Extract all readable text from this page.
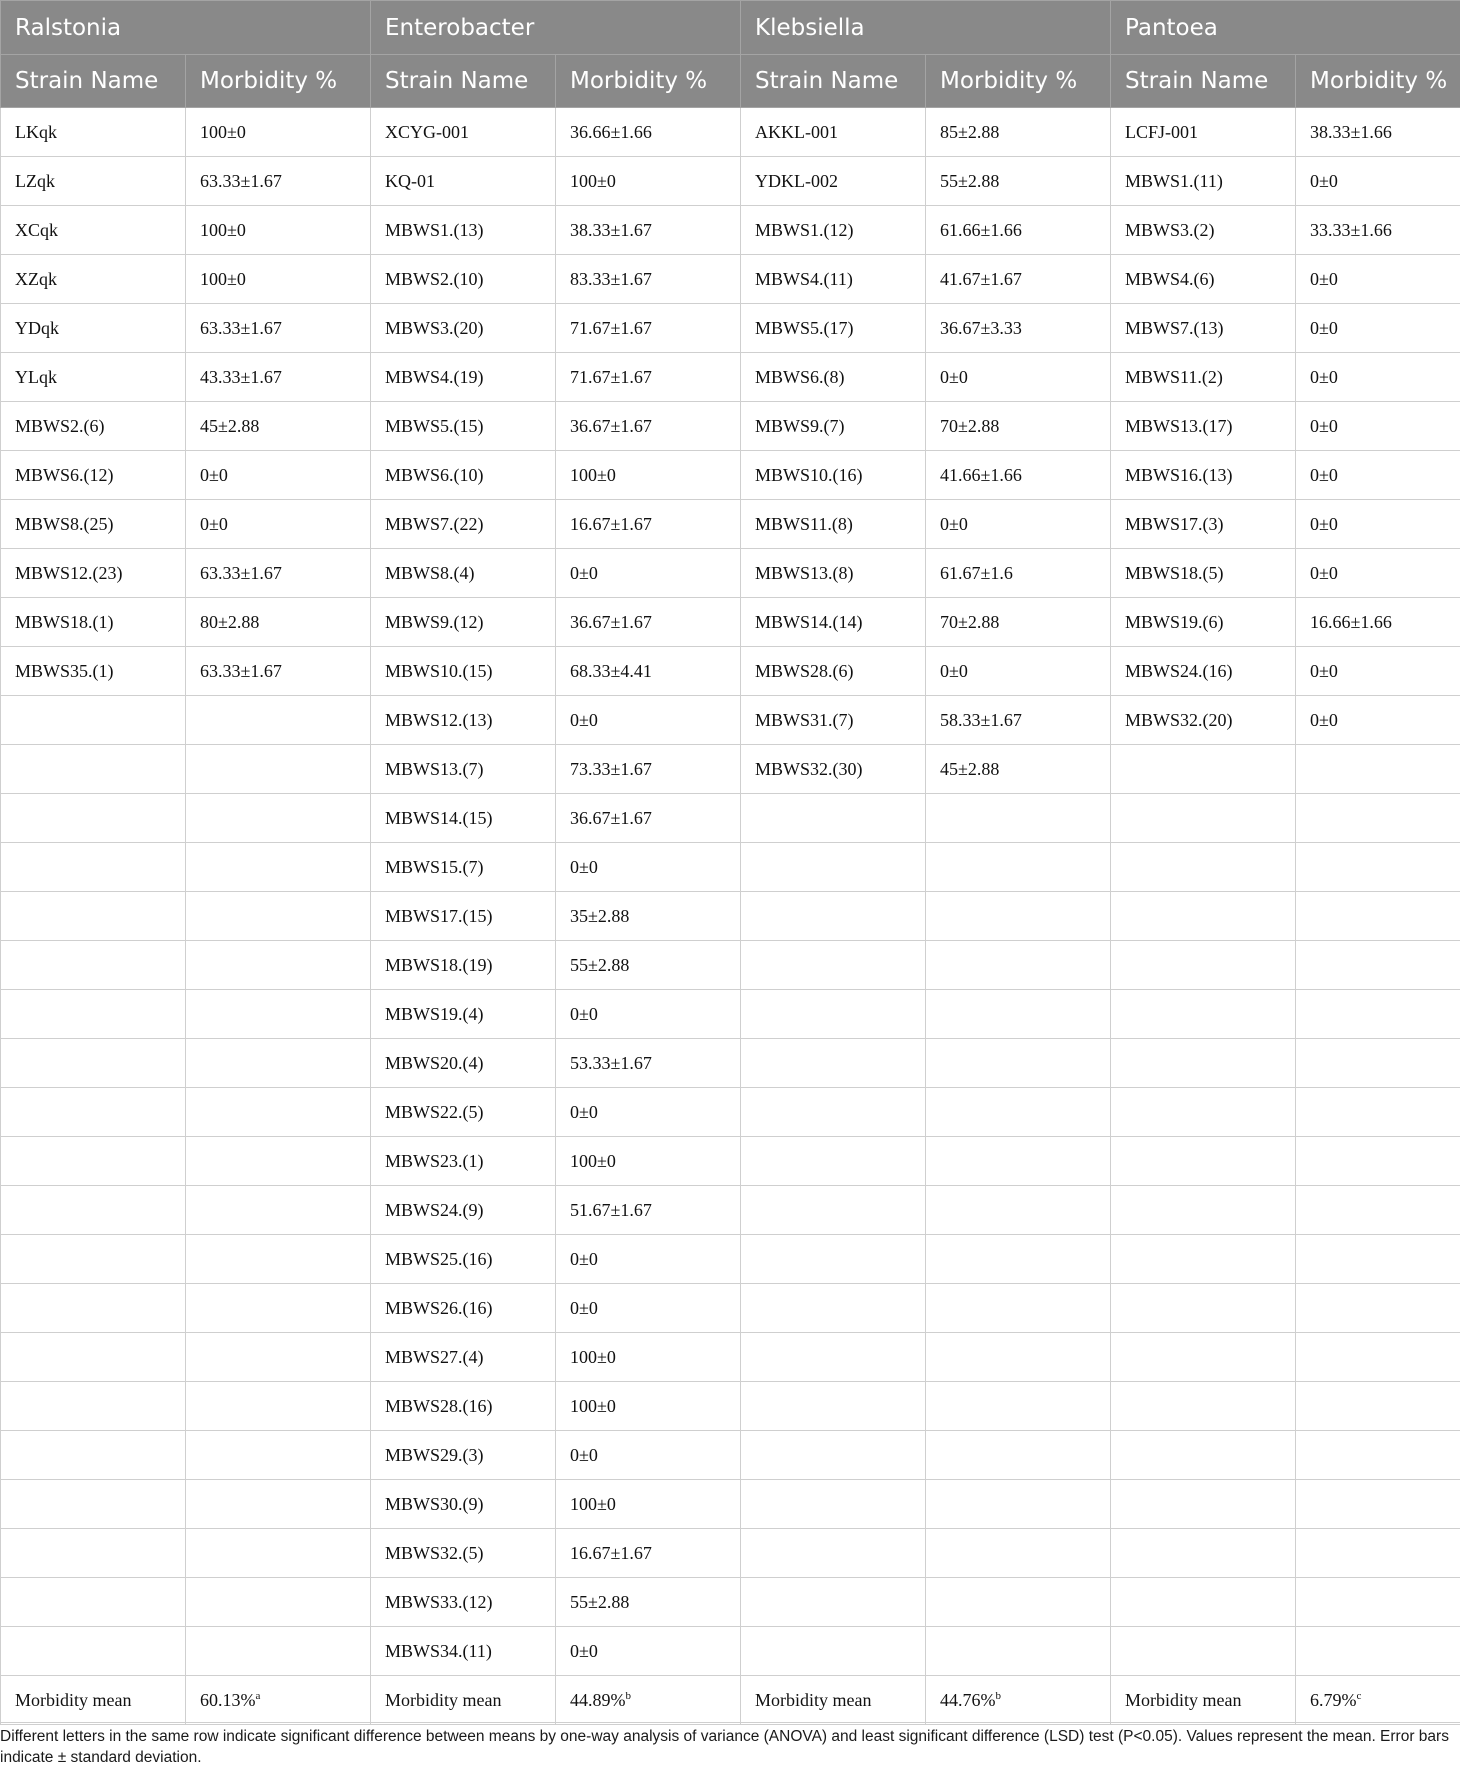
Ralstonia		Enterobacter		Klebsiella		Pantoea	
Strain Name	Morbidity %	Strain Name	Morbidity %	Strain Name	Morbidity %	Strain Name	Morbidity %
LKqk	100±0	XCYG-001	36.66±1.66	AKKL-001	85±2.88	LCFJ-001	38.33±1.66
LZqk	63.33±1.67	KQ-01	100±0	YDKL-002	55±2.88	MBWS1.(11)	0±0
XCqk	100±0	MBWS1.(13)	38.33±1.67	MBWS1.(12)	61.66±1.66	MBWS3.(2)	33.33±1.66
XZqk	100±0	MBWS2.(10)	83.33±1.67	MBWS4.(11)	41.67±1.67	MBWS4.(6)	0±0
YDqk	63.33±1.67	MBWS3.(20)	71.67±1.67	MBWS5.(17)	36.67±3.33	MBWS7.(13)	0±0
YLqk	43.33±1.67	MBWS4.(19)	71.67±1.67	MBWS6.(8)	0±0	MBWS11.(2)	0±0
MBWS2.(6)	45±2.88	MBWS5.(15)	36.67±1.67	MBWS9.(7)	70±2.88	MBWS13.(17)	0±0
MBWS6.(12)	0±0	MBWS6.(10)	100±0	MBWS10.(16)	41.66±1.66	MBWS16.(13)	0±0
MBWS8.(25)	0±0	MBWS7.(22)	16.67±1.67	MBWS11.(8)	0±0	MBWS17.(3)	0±0
MBWS12.(23)	63.33±1.67	MBWS8.(4)	0±0	MBWS13.(8)	61.67±1.6	MBWS18.(5)	0±0
MBWS18.(1)	80±2.88	MBWS9.(12)	36.67±1.67	MBWS14.(14)	70±2.88	MBWS19.(6)	16.66±1.66
MBWS35.(1)	63.33±1.67	MBWS10.(15)	68.33±4.41	MBWS28.(6)	0±0	MBWS24.(16)	0±0
		MBWS12.(13)	0±0	MBWS31.(7)	58.33±1.67	MBWS32.(20)	0±0
		MBWS13.(7)	73.33±1.67	MBWS32.(30)	45±2.88		
		MBWS14.(15)	36.67±1.67				
		MBWS15.(7)	0±0				
		MBWS17.(15)	35±2.88				
		MBWS18.(19)	55±2.88				
		MBWS19.(4)	0±0				
		MBWS20.(4)	53.33±1.67				
		MBWS22.(5)	0±0				
		MBWS23.(1)	100±0				
		MBWS24.(9)	51.67±1.67				
		MBWS25.(16)	0±0				
		MBWS26.(16)	0±0				
		MBWS27.(4)	100±0				
		MBWS28.(16)	100±0				
		MBWS29.(3)	0±0				
		MBWS30.(9)	100±0				
		MBWS32.(5)	16.67±1.67				
		MBWS33.(12)	55±2.88				
		MBWS34.(11)	0±0				
Morbidity mean	60.13%$^a$	Morbidity mean	44.89%$^b$	Morbidity mean	44.76%$^b$	Morbidity mean	6.79%$^c$
Different letters in the same row indicate significant difference between means by one-way analysis of variance (ANOVA) and least significant difference (LSD) test (P<0.05). Values represent the mean. Error bars indicate ± standard deviation.
